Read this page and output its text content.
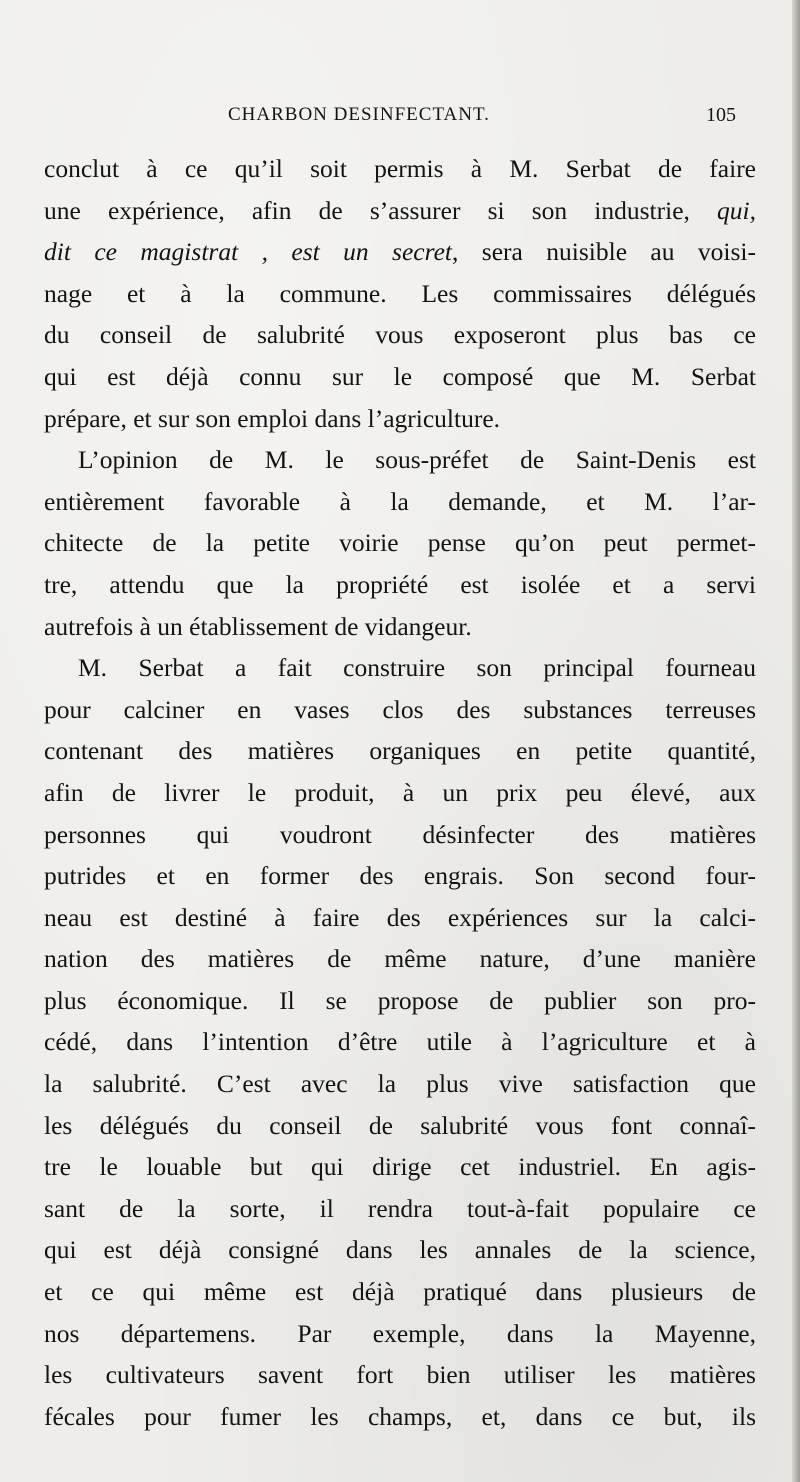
CHARBON DESINFECTANT.	105
conclut à ce qu’il soit permis à M. Serbat de faire
une expérience, afin de s’assurer si son industrie, qui,
dit ce magistrat , est un secret, sera nuisible au voisi-
nage et à la commune. Les commissaires délégués
du conseil de salubrité vous exposeront plus bas ce
qui est déjà connu sur le composé que M. Serbat
prépare, et sur son emploi dans l’agriculture.
L’opinion de M. le sous-préfet de Saint-Denis est
entièrement favorable à la demande, et M. l’ar-
chitecte de la petite voirie pense qu’on peut permet-
tre, attendu que la propriété est isolée et a servi
autrefois à un établissement de vidangeur.
M. Serbat a fait construire son principal fourneau
pour calciner en vases clos des substances terreuses
contenant des matières organiques en petite quantité,
afin de livrer le produit, à un prix peu élevé, aux
personnes qui voudront désinfecter des matières
putrides et en former des engrais. Son second four-
neau est destiné à faire des expériences sur la calci-
nation des matières de même nature, d’une manière
plus économique. Il se propose de publier son pro-
cédé, dans l’intention d’être utile à l’agriculture et à
la salubrité. C’est avec la plus vive satisfaction que
les délégués du conseil de salubrité vous font connaî-
tre le louable but qui dirige cet industriel. En agis-
sant de la sorte, il rendra tout-à-fait populaire ce
qui est déjà consigné dans les annales de la science,
et ce qui même est déjà pratiqué dans plusieurs de
nos départemens. Par exemple, dans la Mayenne,
les cultivateurs savent fort bien utiliser les matières
fécales pour fumer les champs, et, dans ce but, ils
